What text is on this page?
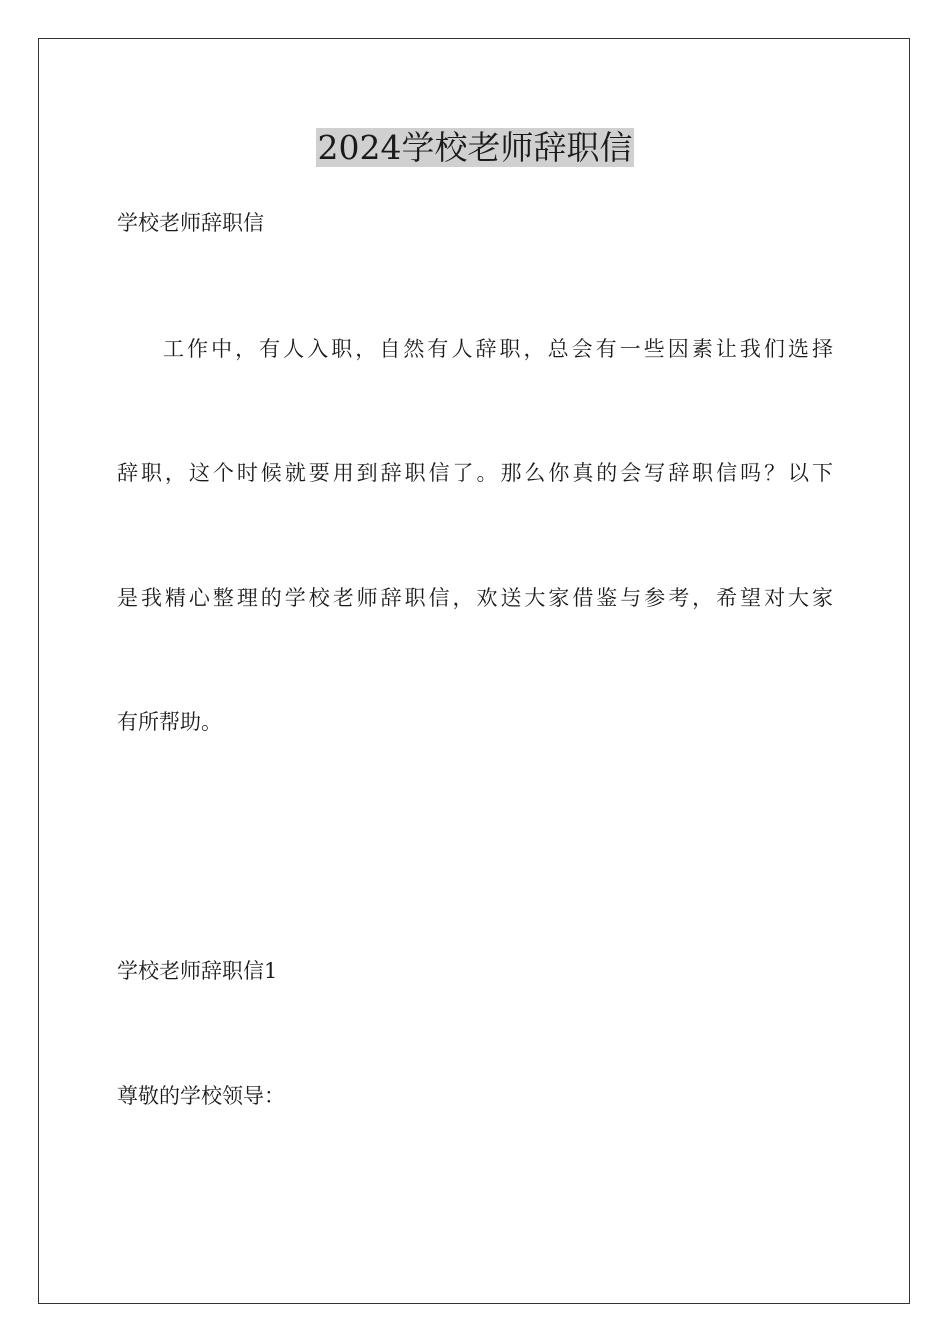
2024学校老师辞职信

学校老师辞职信

工作中，有人入职，自然有人辞职，总会有一些因素让我们选择

辞职，这个时候就要用到辞职信了。那么你真的会写辞职信吗？以下

是我精心整理的学校老师辞职信，欢送大家借鉴与参考，希望对大家

有所帮助。

学校老师辞职信1

尊敬的学校领导：
